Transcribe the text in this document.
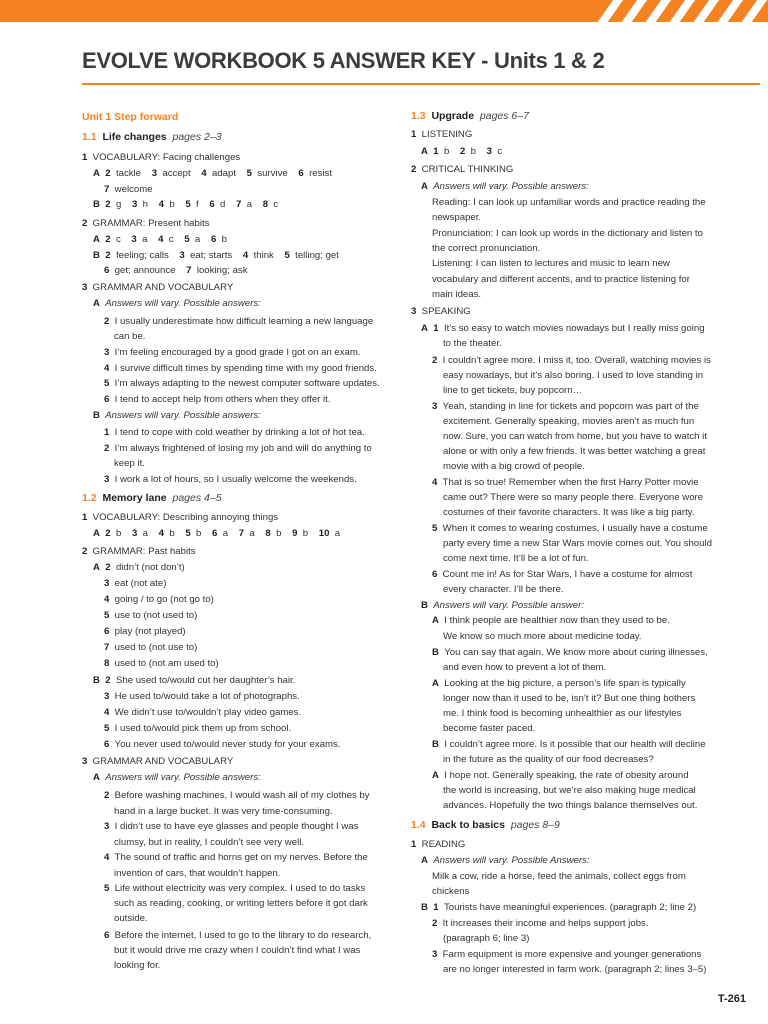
EVOLVE WORKBOOK 5 ANSWER KEY - Units 1 & 2
Unit 1 Step forward
1.1 Life changes pages 2–3
1  VOCABULARY: Facing challenges
A 2  tackle    3  accept    4  adapt    5  survive    6  resist
7  welcome
B 2  g    3  h    4  b    5  f    6  d    7  a    8  c
2  GRAMMAR: Present habits
A 2  c    3  a    4  c    5  a    6  b
B 2  feeling; calls    3  eat; starts    4  think    5  telling; get
6  get; announce    7  looking; ask
3  GRAMMAR AND VOCABULARY
A Answers will vary. Possible answers:
2  I usually underestimate how difficult learning a new language
can be.
3  I’m feeling encouraged by a good grade I got on an exam.
4  I survive difficult times by spending time with my good friends.
5  I’m always adapting to the newest computer software updates.
6  I tend to accept help from others when they offer it.
B Answers will vary. Possible answers:
1  I tend to cope with cold weather by drinking a lot of hot tea.
2  I’m always frightened of losing my job and will do anything to
keep it.
3  I work a lot of hours, so I usually welcome the weekends.
1.2 Memory lane pages 4–5
1  VOCABULARY: Describing annoying things
A 2  b    3  a    4  b    5  b    6  a    7  a    8  b    9  b    10  a
2  GRAMMAR: Past habits
A 2  didn’t (not don’t)
3  eat (not ate)
4  going / to go (not go to)
5  use to (not used to)
6  play (not played)
7  used to (not use to)
8  used to (not am used to)
B 2  She used to/would cut her daughter’s hair.
3  He used to/would take a lot of photographs.
4  We didn’t use to/wouldn’t play video games.
5  I used to/would pick them up from school.
6  You never used to/would never study for your exams.
3  GRAMMAR AND VOCABULARY
A Answers will vary. Possible answers:
2  Before washing machines, I would wash all of my clothes by
hand in a large bucket. It was very time-consuming.
3  I didn’t use to have eye glasses and people thought I was
clumsy, but in reality, I couldn’t see very well.
4  The sound of traffic and horns get on my nerves. Before the
invention of cars, that wouldn’t happen.
5  Life without electricity was very complex. I used to do tasks
such as reading, cooking, or writing letters before it got dark
outside.
6  Before the internet, I used to go to the library to do research,
but it would drive me crazy when I couldn’t find what I was
looking for.
1.3 Upgrade pages 6–7
1  LISTENING
A 1  b    2  b    3  c
2  CRITICAL THINKING
A Answers will vary. Possible answers:
Reading: I can look up unfamiliar words and practice reading the
newspaper.
Pronunciation: I can look up words in the dictionary and listen to
the correct pronunciation.
Listening: I can listen to lectures and music to learn new
vocabulary and different accents, and to practice listening for
main ideas.
3  SPEAKING
A 1  It’s so easy to watch movies nowadays but I really miss going
to the theater.
2  I couldn’t agree more. I miss it, too. Overall, watching movies is
easy nowadays, but it’s also boring. I used to love standing in
line to get tickets, buy popcorn…
3  Yeah, standing in line for tickets and popcorn was part of the
excitement. Generally speaking, movies aren’t as much fun
now. Sure, you can watch from home, but you have to watch it
alone or with only a few friends. It was better watching a great
movie with a big crowd of people.
4  That is so true! Remember when the first Harry Potter movie
came out? There were so many people there. Everyone wore
costumes of their favorite characters. It was like a big party.
5  When it comes to wearing costumes, I usually have a costume
party every time a new Star Wars movie comes out. You should
come next time. It’ll be a lot of fun.
6  Count me in! As for Star Wars, I have a costume for almost
every character. I’ll be there.
B Answers will vary. Possible answer:
A  I think people are healthier now than they used to be.
We know so much more about medicine today.
B  You can say that again. We know more about curing illnesses,
and even how to prevent a lot of them.
A  Looking at the big picture, a person’s life span is typically
longer now than it used to be, isn’t it? But one thing bothers
me. I think food is becoming unhealthier as our lifestyles
become faster paced.
B  I couldn’t agree more. Is it possible that our health will decline
in the future as the quality of our food decreases?
A  I hope not. Generally speaking, the rate of obesity around
the world is increasing, but we’re also making huge medical
advances. Hopefully the two things balance themselves out.
1.4 Back to basics pages 8–9
1  READING
A Answers will vary. Possible Answers:
Milk a cow, ride a horse, feed the animals, collect eggs from
chickens
B 1  Tourists have meaningful experiences. (paragraph 2; line 2)
2  It increases their income and helps support jobs.
(paragraph 6; line 3)
3  Farm equipment is more expensive and younger generations
are no longer interested in farm work. (paragraph 2; lines 3–5)
T-261
